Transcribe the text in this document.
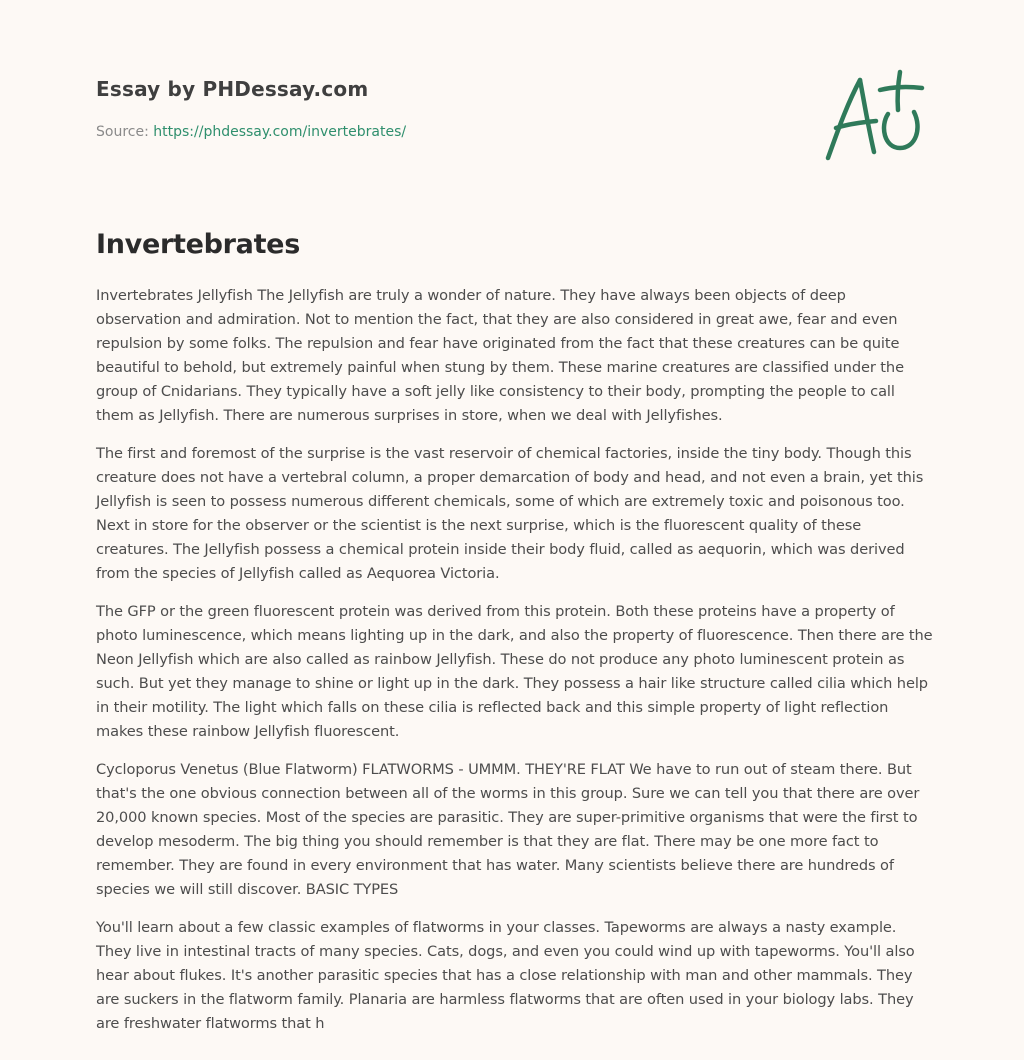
Essay by PHDessay.com

Source: https://phdessay.com/invertebrates/
Invertebrates

Invertebrates Jellyfish The Jellyfish are truly a wonder of nature. They have always been objects of deep observation and admiration. Not to mention the fact, that they are also considered in great awe, fear and even repulsion by some folks. The repulsion and fear have originated from the fact that these creatures can be quite beautiful to behold, but extremely painful when stung by them. These marine creatures are classified under the group of Cnidarians. They typically have a soft jelly like consistency to their body, prompting the people to call them as Jellyfish. There are numerous surprises in store, when we deal with Jellyfishes.

The first and foremost of the surprise is the vast reservoir of chemical factories, inside the tiny body. Though this creature does not have a vertebral column, a proper demarcation of body and head, and not even a brain, yet this Jellyfish is seen to possess numerous different chemicals, some of which are extremely toxic and poisonous too. Next in store for the observer or the scientist is the next surprise, which is the fluorescent quality of these creatures. The Jellyfish possess a chemical protein inside their body fluid, called as aequorin, which was derived from the species of Jellyfish called as Aequorea Victoria.

The GFP or the green fluorescent protein was derived from this protein. Both these proteins have a property of photo luminescence, which means lighting up in the dark, and also the property of fluorescence. Then there are the Neon Jellyfish which are also called as rainbow Jellyfish. These do not produce any photo luminescent protein as such. But yet they manage to shine or light up in the dark. They possess a hair like structure called cilia which help in their motility. The light which falls on these cilia is reflected back and this simple property of light reflection makes these rainbow Jellyfish fluorescent.

Cycloporus Venetus (Blue Flatworm) FLATWORMS - UMMM. THEY'RE FLAT We have to run out of steam there. But that's the one obvious connection between all of the worms in this group. Sure we can tell you that there are over 20,000 known species. Most of the species are parasitic. They are super-primitive organisms that were the first to develop mesoderm. The big thing you should remember is that they are flat. There may be one more fact to remember. They are found in every environment that has water. Many scientists believe there are hundreds of species we will still discover. BASIC TYPES

You'll learn about a few classic examples of flatworms in your classes. Tapeworms are always a nasty example. They live in intestinal tracts of many species. Cats, dogs, and even you could wind up with tapeworms. You'll also hear about flukes. It's another parasitic species that has a close relationship with man and other mammals. They are suckers in the flatworm family. Planaria are harmless flatworms that are often used in your biology labs. They are freshwater flatworms that h
